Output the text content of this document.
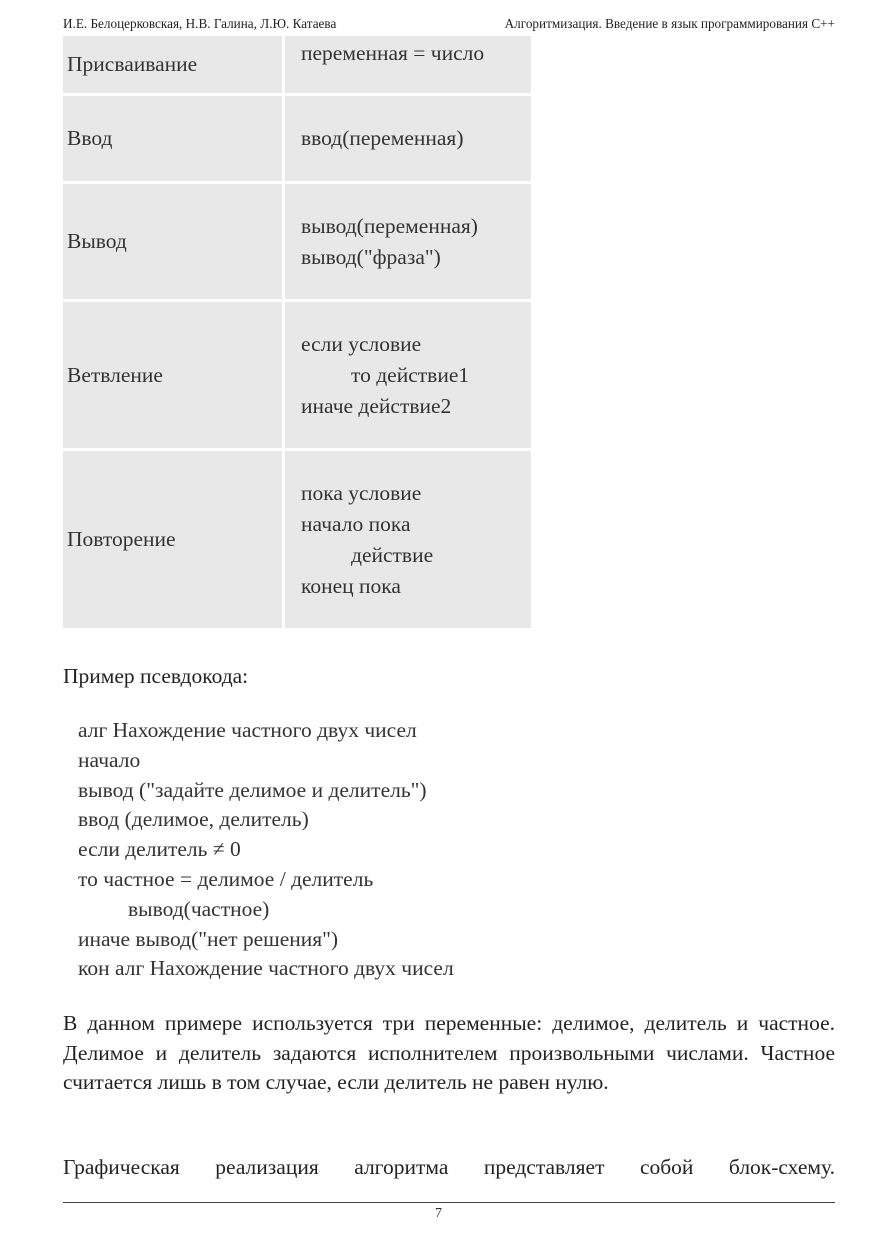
И.Е. Белоцерковская, Н.В. Галина, Л.Ю. Катаева	Алгоритмизация. Введение в язык программирования С++
Присваивание	переменная = число

Ввод	ввод(переменная)

Вывод	вывод(переменная)
вывод("фраза")

Ветвление	если условие
то действие1
иначе действие2

Повторение	пока условие
начало пока
действие
конец пока
Пример псевдокода:
алг Нахождение частного двух чисел
начало
вывод ("задайте делимое и делитель")
ввод (делимое, делитель)
если делитель ≠ 0
то частное = делимое / делитель
вывод(частное)
иначе вывод("нет решения")
кон алг Нахождение частного двух чисел
В данном примере используется три переменные: делимое, делитель и частное. Делимое и делитель задаются исполнителем произвольными числами. Частное считается лишь в том случае, если делитель не равен нулю.
Графическая реализация алгоритма представляет собой блок-схему.
7
